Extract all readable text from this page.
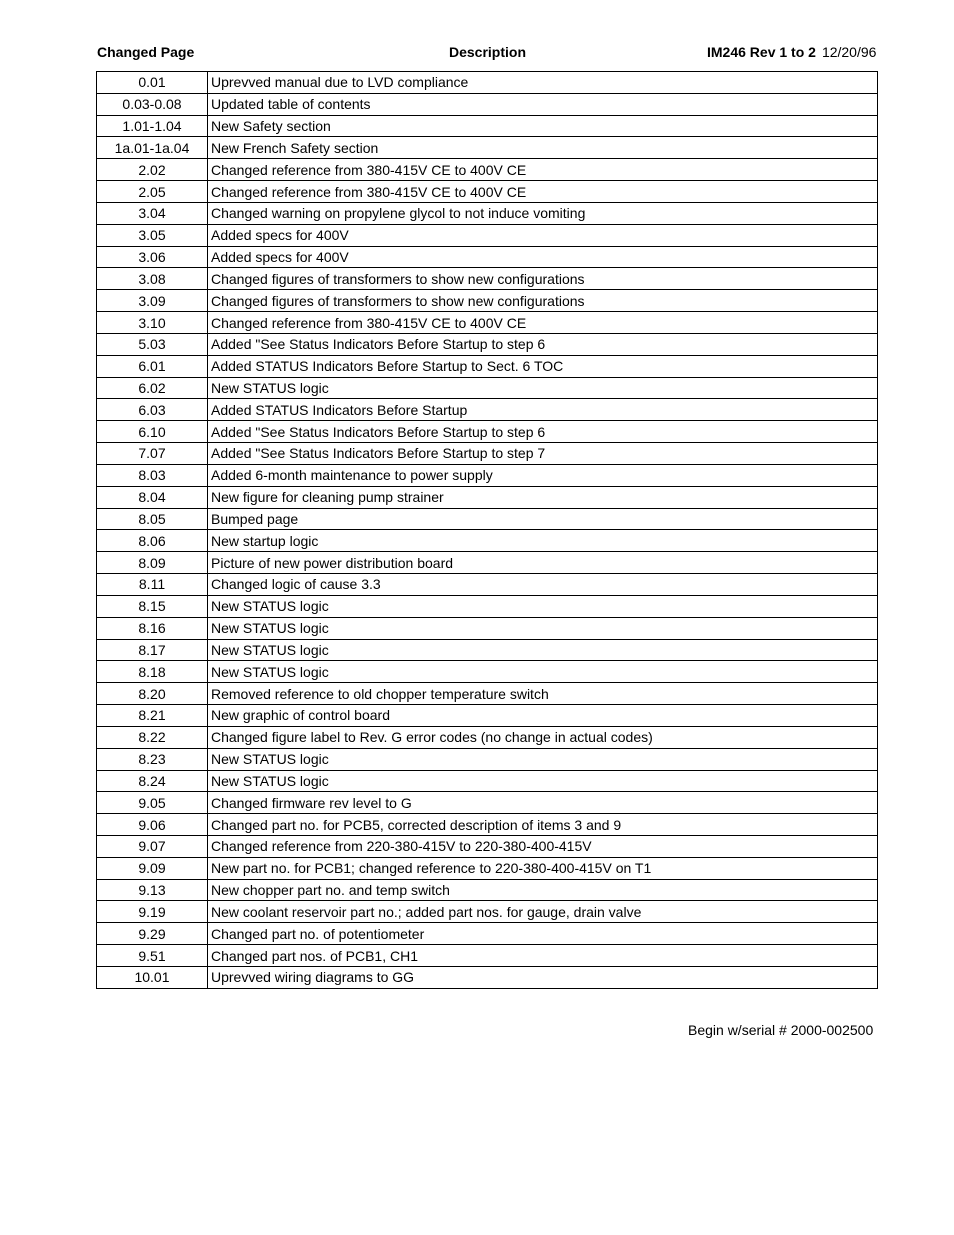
Changed Page	Description	IM246 Rev 1 to 2 12/20/96
0.01	Uprevved manual due to LVD compliance
0.03-0.08	Updated table of contents
1.01-1.04	New Safety section
1a.01-1a.04	New French Safety section
2.02	Changed reference from 380-415V CE to 400V CE
2.05	Changed reference from 380-415V CE to 400V CE
3.04	Changed warning on propylene glycol to not induce vomiting
3.05	Added specs for 400V
3.06	Added specs for 400V
3.08	Changed figures of transformers to show new configurations
3.09	Changed figures of transformers to show new configurations
3.10	Changed reference from 380-415V CE to 400V CE
5.03	Added "See Status Indicators Before Startup to step 6
6.01	Added STATUS Indicators Before Startup to Sect. 6 TOC
6.02	New STATUS logic
6.03	Added STATUS Indicators Before Startup
6.10	Added "See Status Indicators Before Startup to step 6
7.07	Added "See Status Indicators Before Startup to step 7
8.03	Added 6-month maintenance to power supply
8.04	New figure for cleaning pump strainer
8.05	Bumped page
8.06	New startup logic
8.09	Picture of new power distribution board
8.11	Changed logic of cause 3.3
8.15	New STATUS logic
8.16	New STATUS logic
8.17	New STATUS logic
8.18	New STATUS logic
8.20	Removed reference to old chopper temperature switch
8.21	New graphic of control board
8.22	Changed figure label to Rev. G error codes (no change in actual codes)
8.23	New STATUS logic
8.24	New STATUS logic
9.05	Changed firmware rev level to G
9.06	Changed part no. for PCB5, corrected description of items 3 and 9
9.07	Changed reference from 220-380-415V to 220-380-400-415V
9.09	New part no. for PCB1; changed reference to 220-380-400-415V on T1
9.13	New chopper part no. and temp switch
9.19	New coolant reservoir part no.; added part nos. for gauge, drain valve
9.29	Changed part no. of potentiometer
9.51	Changed part nos. of PCB1, CH1
10.01	Uprevved wiring diagrams to GG
Begin w/serial # 2000-002500
